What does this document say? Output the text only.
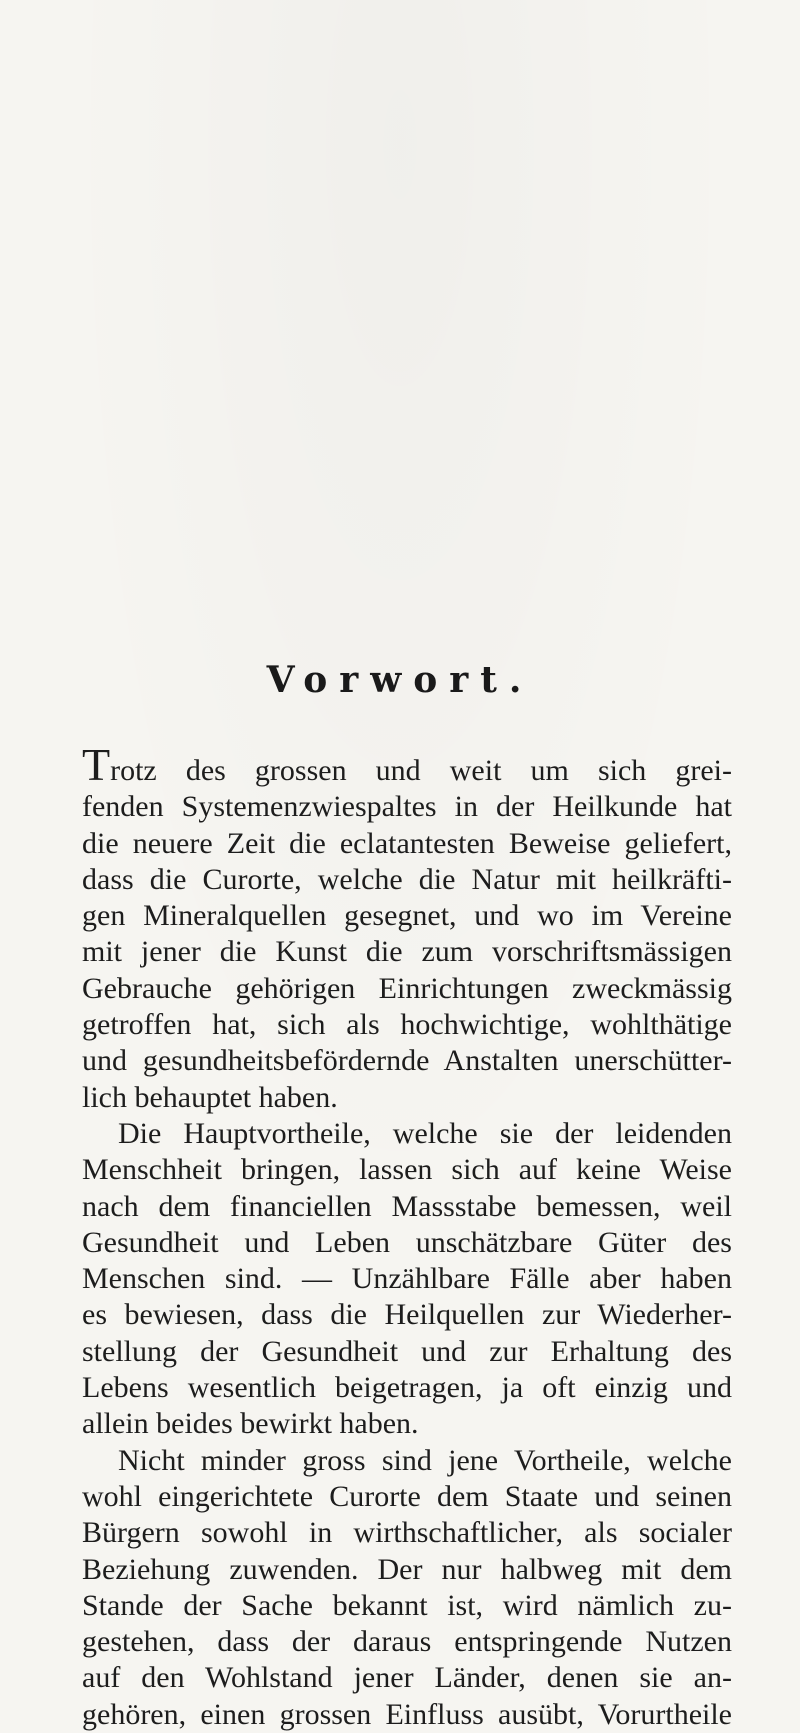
Vorwort.
Trotz des grossen und weit um sich grei-
fenden Systemenzwiespaltes in der Heilkunde hat
die neuere Zeit die eclatantesten Beweise geliefert,
dass die Curorte, welche die Natur mit heilkräfti-
gen Mineralquellen gesegnet, und wo im Vereine
mit jener die Kunst die zum vorschriftsmässigen
Gebrauche gehörigen Einrichtungen zweckmässig
getroffen hat, sich als hochwichtige, wohlthätige
und gesundheitsbefördernde Anstalten unerschütter-
lich behauptet haben.
Die Hauptvortheile, welche sie der leidenden
Menschheit bringen, lassen sich auf keine Weise
nach dem financiellen Massstabe bemessen, weil
Gesundheit und Leben unschätzbare Güter des
Menschen sind. — Unzählbare Fälle aber haben
es bewiesen, dass die Heilquellen zur Wiederher-
stellung der Gesundheit und zur Erhaltung des
Lebens wesentlich beigetragen, ja oft einzig und
allein beides bewirkt haben.
Nicht minder gross sind jene Vortheile, welche
wohl eingerichtete Curorte dem Staate und seinen
Bürgern sowohl in wirthschaftlicher, als socialer
Beziehung zuwenden. Der nur halbweg mit dem
Stande der Sache bekannt ist, wird nämlich zu-
gestehen, dass der daraus entspringende Nutzen
auf den Wohlstand jener Länder, denen sie an-
gehören, einen grossen Einfluss ausübt, Vorurtheile
